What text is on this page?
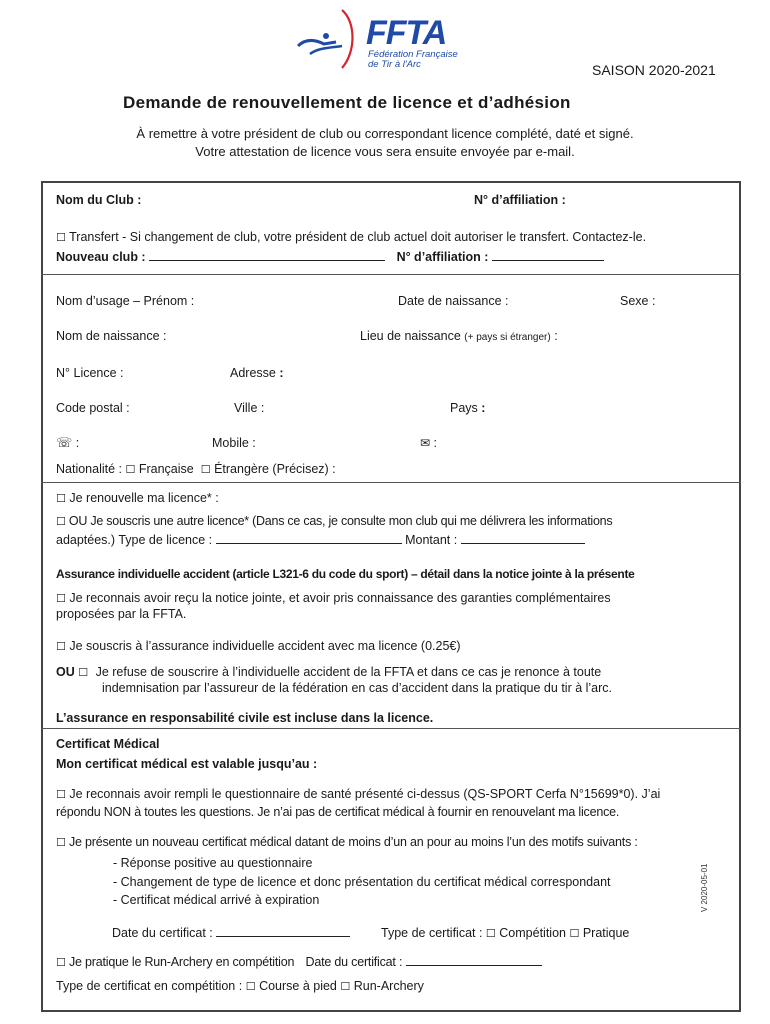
FFTA
Fédération Française
de Tir à l'Arc	SAISON 2020-2021
Demande de renouvellement de licence et d’adhésion
À remettre à votre président de club ou correspondant licence complété, daté et signé.
Votre attestation de licence vous sera ensuite envoyée par e-mail.
Nom du Club :	N° d’affiliation :
☐ Transfert - Si changement de club, votre président de club actuel doit autoriser le transfert. Contactez-le.
Nouveau club :	N° d’affiliation :
Nom d’usage – Prénom :	Date de naissance :	Sexe :
Nom de naissance :	Lieu de naissance (+ pays si étranger) :
N° Licence :	Adresse :
Code postal :	Ville :	Pays :
☏ :	Mobile :	✉ :
Nationalité : ☐ Française ☐ Étrangère (Précisez) :
☐ Je renouvelle ma licence* :
☐ OU Je souscris une autre licence* (Dans ce cas, je consulte mon club qui me délivrera les informations
adaptées.) Type de licence :	Montant :
Assurance individuelle accident (article L321-6 du code du sport) – détail dans la notice jointe à la présente
☐ Je reconnais avoir reçu la notice jointe, et avoir pris connaissance des garanties complémentaires
proposées par la FFTA.
☐ Je souscris à l’assurance individuelle accident avec ma licence (0.25€)
OU ☐ Je refuse de souscrire à l’individuelle accident de la FFTA et dans ce cas je renonce à toute
indemnisation par l’assureur de la fédération en cas d’accident dans la pratique du tir à l’arc.
L’assurance en responsabilité civile est incluse dans la licence.
Certificat Médical
Mon certificat médical est valable jusqu’au :
☐ Je reconnais avoir rempli le questionnaire de santé présenté ci-dessus (QS-SPORT Cerfa N°15699*0). J’ai
répondu NON à toutes les questions. Je n’ai pas de certificat médical à fournir en renouvelant ma licence.
☐ Je présente un nouveau certificat médical datant de moins d’un an pour au moins l’un des motifs suivants :
- Réponse positive au questionnaire
- Changement de type de licence et donc présentation du certificat médical correspondant
- Certificat médical arrivé à expiration	V 2020-05-01
Date du certificat :	Type de certificat : ☐ Compétition ☐ Pratique
☐ Je pratique le Run-Archery en compétition Date du certificat :
Type de certificat en compétition : ☐ Course à pied ☐ Run-Archery
